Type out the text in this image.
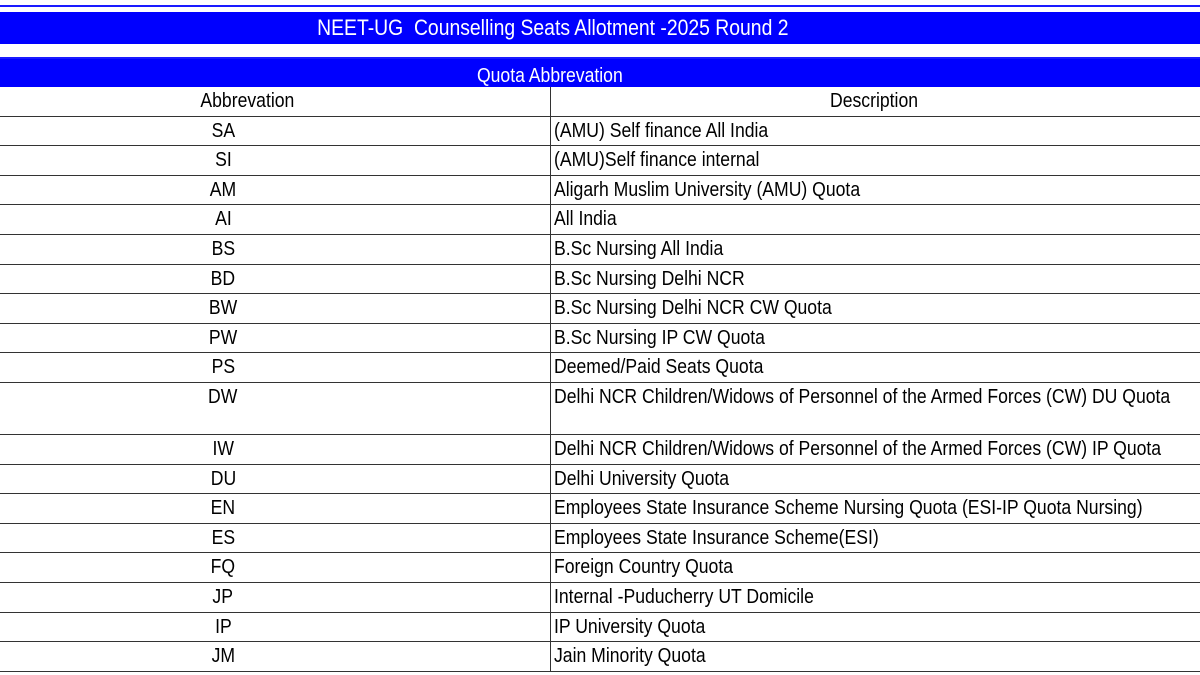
NEET-UG  Counselling Seats Allotment -2025 Round 2
Quota Abbrevation
Abbrevation	Description
SA	(AMU) Self finance All India
SI	(AMU)Self finance internal
AM	Aligarh Muslim University (AMU) Quota
AI	All India
BS	B.Sc Nursing All India
BD	B.Sc Nursing Delhi NCR
BW	B.Sc Nursing Delhi NCR CW Quota
PW	B.Sc Nursing IP CW Quota
PS	Deemed/Paid Seats Quota
DW	Delhi NCR Children/Widows of Personnel of the Armed Forces (CW) DU Quota
IW	Delhi NCR Children/Widows of Personnel of the Armed Forces (CW) IP Quota
DU	Delhi University Quota
EN	Employees State Insurance Scheme Nursing Quota (ESI-IP Quota Nursing)
ES	Employees State Insurance Scheme(ESI)
FQ	Foreign Country Quota
JP	Internal -Puducherry UT Domicile
IP	IP University Quota
JM	Jain Minority Quota
